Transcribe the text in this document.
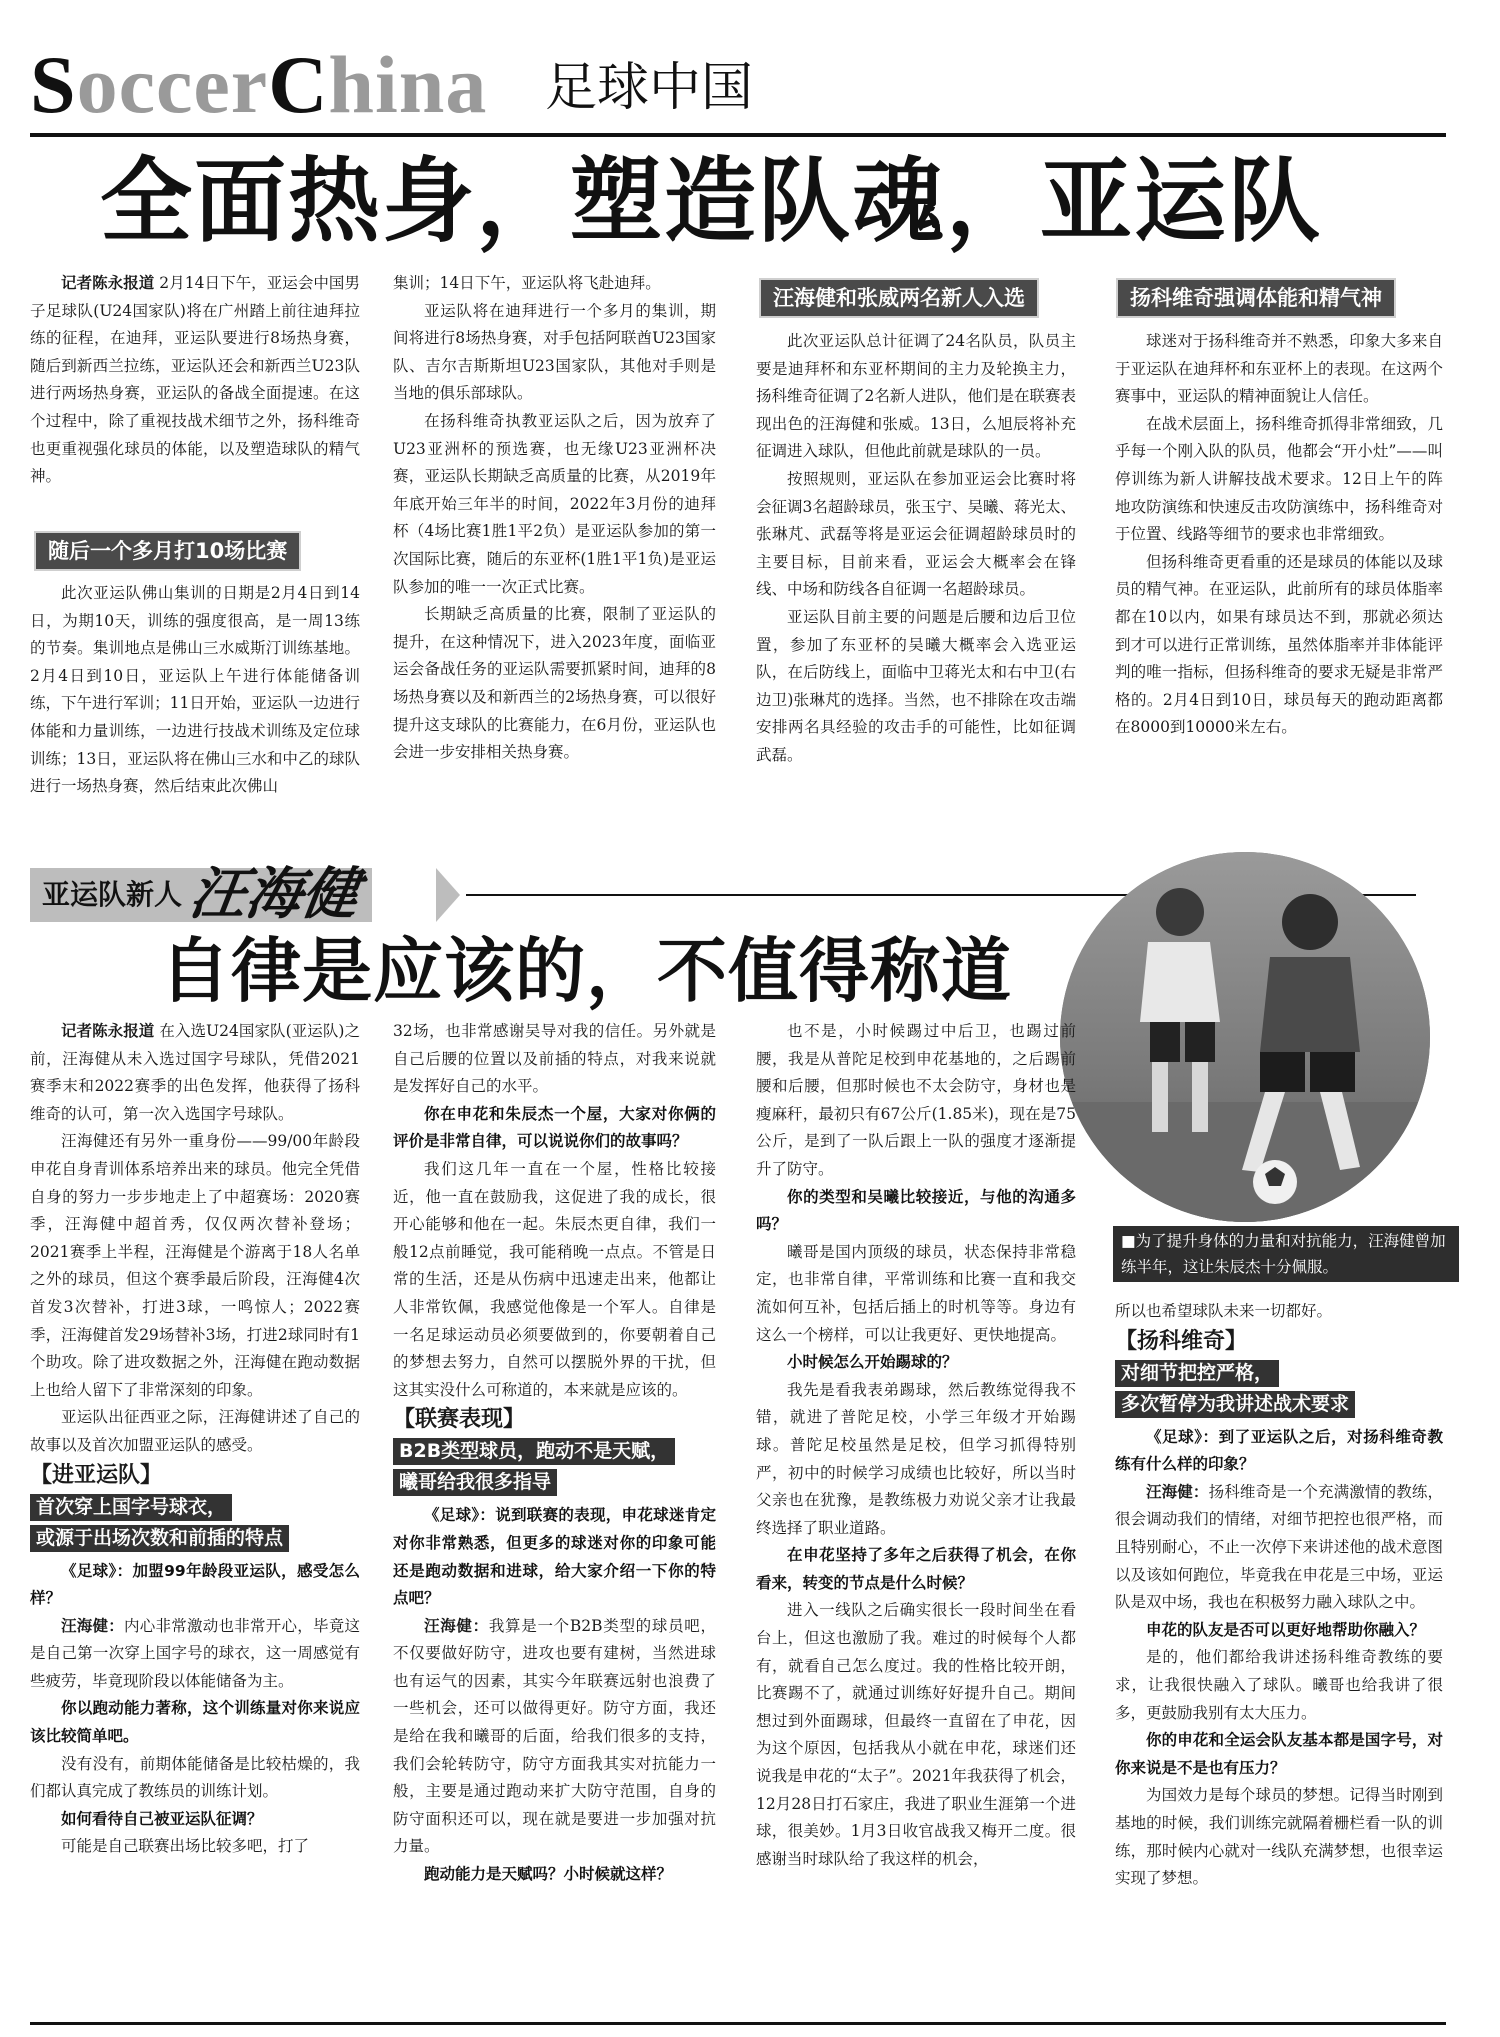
SoccerChina 足球中国
全面热身，塑造队魂，亚运队

记者陈永报道 2月14日下午，亚运会中国男子足球队(U24国家队)将在广州踏上前往迪拜拉练的征程，在迪拜，亚运队要进行8场热身赛，随后到新西兰拉练，亚运队还会和新西兰U23队进行两场热身赛，亚运队的备战全面提速。在这个过程中，除了重视技战术细节之外，扬科维奇也更重视强化球员的体能，以及塑造球队的精气神。

随后一个多月打10场比赛

此次亚运队佛山集训的日期是2月4日到14日，为期10天，训练的强度很高，是一周13练的节奏。集训地点是佛山三水威斯汀训练基地。2月4日到10日，亚运队上午进行体能储备训练，下午进行军训；11日开始，亚运队一边进行体能和力量训练，一边进行技战术训练及定位球训练；13日，亚运队将在佛山三水和中乙的球队进行一场热身赛，然后结束此次佛山

集训；14日下午，亚运队将飞赴迪拜。

亚运队将在迪拜进行一个多月的集训，期间将进行8场热身赛，对手包括阿联酋U23国家队、吉尔吉斯斯坦U23国家队，其他对手则是当地的俱乐部球队。

在扬科维奇执教亚运队之后，因为放弃了U23亚洲杯的预选赛，也无缘U23亚洲杯决赛，亚运队长期缺乏高质量的比赛，从2019年年底开始三年半的时间，2022年3月份的迪拜杯（4场比赛1胜1平2负）是亚运队参加的第一次国际比赛，随后的东亚杯(1胜1平1负)是亚运队参加的唯一一次正式比赛。

长期缺乏高质量的比赛，限制了亚运队的提升，在这种情况下，进入2023年度，面临亚运会备战任务的亚运队需要抓紧时间，迪拜的8场热身赛以及和新西兰的2场热身赛，可以很好提升这支球队的比赛能力，在6月份，亚运队也会进一步安排相关热身赛。

汪海健和张威两名新人入选

此次亚运队总计征调了24名队员，队员主要是迪拜杯和东亚杯期间的主力及轮换主力，扬科维奇征调了2名新人进队，他们是在联赛表现出色的汪海健和张威。13日，么旭辰将补充征调进入球队，但他此前就是球队的一员。

按照规则，亚运队在参加亚运会比赛时将会征调3名超龄球员，张玉宁、吴曦、蒋光太、张琳芃、武磊等将是亚运会征调超龄球员时的主要目标，目前来看，亚运会大概率会在锋线、中场和防线各自征调一名超龄球员。

亚运队目前主要的问题是后腰和边后卫位置，参加了东亚杯的吴曦大概率会入选亚运队，在后防线上，面临中卫蒋光太和右中卫(右边卫)张琳芃的选择。当然，也不排除在攻击端安排两名具经验的攻击手的可能性，比如征调武磊。

扬科维奇强调体能和精气神

球迷对于扬科维奇并不熟悉，印象大多来自于亚运队在迪拜杯和东亚杯上的表现。在这两个赛事中，亚运队的精神面貌让人信任。

在战术层面上，扬科维奇抓得非常细致，几乎每一个刚入队的队员，他都会“开小灶”——叫停训练为新人讲解技战术要求。12日上午的阵地攻防演练和快速反击攻防演练中，扬科维奇对于位置、线路等细节的要求也非常细致。

但扬科维奇更看重的还是球员的体能以及球员的精气神。在亚运队，此前所有的球员体脂率都在10以内，如果有球员达不到，那就必须达到才可以进行正常训练，虽然体脂率并非体能评判的唯一指标，但扬科维奇的要求无疑是非常严格的。2月4日到10日，球员每天的跑动距离都在8000到10000米左右。

亚运队新人汪海健
自律是应该的，不值得称道
■为了提升身体的力量和对抗能力，汪海健曾加练半年，这让朱辰杰十分佩服。

记者陈永报道 在入选U24国家队(亚运队)之前，汪海健从未入选过国字号球队，凭借2021赛季末和2022赛季的出色发挥，他获得了扬科维奇的认可，第一次入选国字号球队。

汪海健还有另外一重身份——99/00年龄段申花自身青训体系培养出来的球员。他完全凭借自身的努力一步步地走上了中超赛场：2020赛季，汪海健中超首秀，仅仅两次替补登场；2021赛季上半程，汪海健是个游离于18人名单之外的球员，但这个赛季最后阶段，汪海健4次首发3次替补，打进3球，一鸣惊人；2022赛季，汪海健首发29场替补3场，打进2球同时有1个助攻。除了进攻数据之外，汪海健在跑动数据上也给人留下了非常深刻的印象。

亚运队出征西亚之际，汪海健讲述了自己的故事以及首次加盟亚运队的感受。

【进亚运队】

首次穿上国字号球衣，
或源于出场次数和前插的特点

《足球》：加盟99年龄段亚运队，感受怎么样？

汪海健：内心非常激动也非常开心，毕竟这是自己第一次穿上国字号的球衣，这一周感觉有些疲劳，毕竟现阶段以体能储备为主。

你以跑动能力著称，这个训练量对你来说应该比较简单吧。

没有没有，前期体能储备是比较枯燥的，我们都认真完成了教练员的训练计划。

如何看待自己被亚运队征调？

可能是自己联赛出场比较多吧，打了

32场，也非常感谢吴导对我的信任。另外就是自己后腰的位置以及前插的特点，对我来说就是发挥好自己的水平。

你在申花和朱辰杰一个屋，大家对你俩的评价是非常自律，可以说说你们的故事吗？

我们这几年一直在一个屋，性格比较接近，他一直在鼓励我，这促进了我的成长，很开心能够和他在一起。朱辰杰更自律，我们一般12点前睡觉，我可能稍晚一点点。不管是日常的生活，还是从伤病中迅速走出来，他都让人非常钦佩，我感觉他像是一个军人。自律是一名足球运动员必须要做到的，你要朝着自己的梦想去努力，自然可以摆脱外界的干扰，但这其实没什么可称道的，本来就是应该的。

【联赛表现】

B2B类型球员，跑动不是天赋，
曦哥给我很多指导

《足球》：说到联赛的表现，申花球迷肯定对你非常熟悉，但更多的球迷对你的印象可能还是跑动数据和进球，给大家介绍一下你的特点吧？

汪海健：我算是一个B2B类型的球员吧，不仅要做好防守，进攻也要有建树，当然进球也有运气的因素，其实今年联赛远射也浪费了一些机会，还可以做得更好。防守方面，我还是给在我和曦哥的后面，给我们很多的支持，我们会轮转防守，防守方面我其实对抗能力一般，主要是通过跑动来扩大防守范围，自身的防守面积还可以，现在就是要进一步加强对抗力量。

跑动能力是天赋吗？小时候就这样？

也不是，小时候踢过中后卫，也踢过前腰，我是从普陀足校到申花基地的，之后踢前腰和后腰，但那时候也不太会防守，身材也是瘦麻秆，最初只有67公斤(1.85米)，现在是75公斤，是到了一队后跟上一队的强度才逐渐提升了防守。

你的类型和吴曦比较接近，与他的沟通多吗？

曦哥是国内顶级的球员，状态保持非常稳定，也非常自律，平常训练和比赛一直和我交流如何互补，包括后插上的时机等等。身边有这么一个榜样，可以让我更好、更快地提高。

小时候怎么开始踢球的？

我先是看我表弟踢球，然后教练觉得我不错，就进了普陀足校，小学三年级才开始踢球。普陀足校虽然是足校，但学习抓得特别严，初中的时候学习成绩也比较好，所以当时父亲也在犹豫，是教练极力劝说父亲才让我最终选择了职业道路。

在申花坚持了多年之后获得了机会，在你看来，转变的节点是什么时候？

进入一线队之后确实很长一段时间坐在看台上，但这也激励了我。难过的时候每个人都有，就看自己怎么度过。我的性格比较开朗，比赛踢不了，就通过训练好好提升自己。期间想过到外面踢球，但最终一直留在了申花，因为这个原因，包括我从小就在申花，球迷们还说我是申花的“太子”。2021年我获得了机会，12月28日打石家庄，我进了职业生涯第一个进球，很美妙。1月3日收官战我又梅开二度。很感谢当时球队给了我这样的机会，

所以也希望球队未来一切都好。

【扬科维奇】

对细节把控严格，
多次暂停为我讲述战术要求

《足球》：到了亚运队之后，对扬科维奇教练有什么样的印象？

汪海健：扬科维奇是一个充满激情的教练，很会调动我们的情绪，对细节把控也很严格，而且特别耐心，不止一次停下来讲述他的战术意图以及该如何跑位，毕竟我在申花是三中场，亚运队是双中场，我也在积极努力融入球队之中。

申花的队友是否可以更好地帮助你融入？

是的，他们都给我讲述扬科维奇教练的要求，让我很快融入了球队。曦哥也给我讲了很多，更鼓励我别有太大压力。

你的申花和全运会队友基本都是国字号，对你来说是不是也有压力？

为国效力是每个球员的梦想。记得当时刚到基地的时候，我们训练完就隔着栅栏看一队的训练，那时候内心就对一线队充满梦想，也很幸运实现了梦想。
